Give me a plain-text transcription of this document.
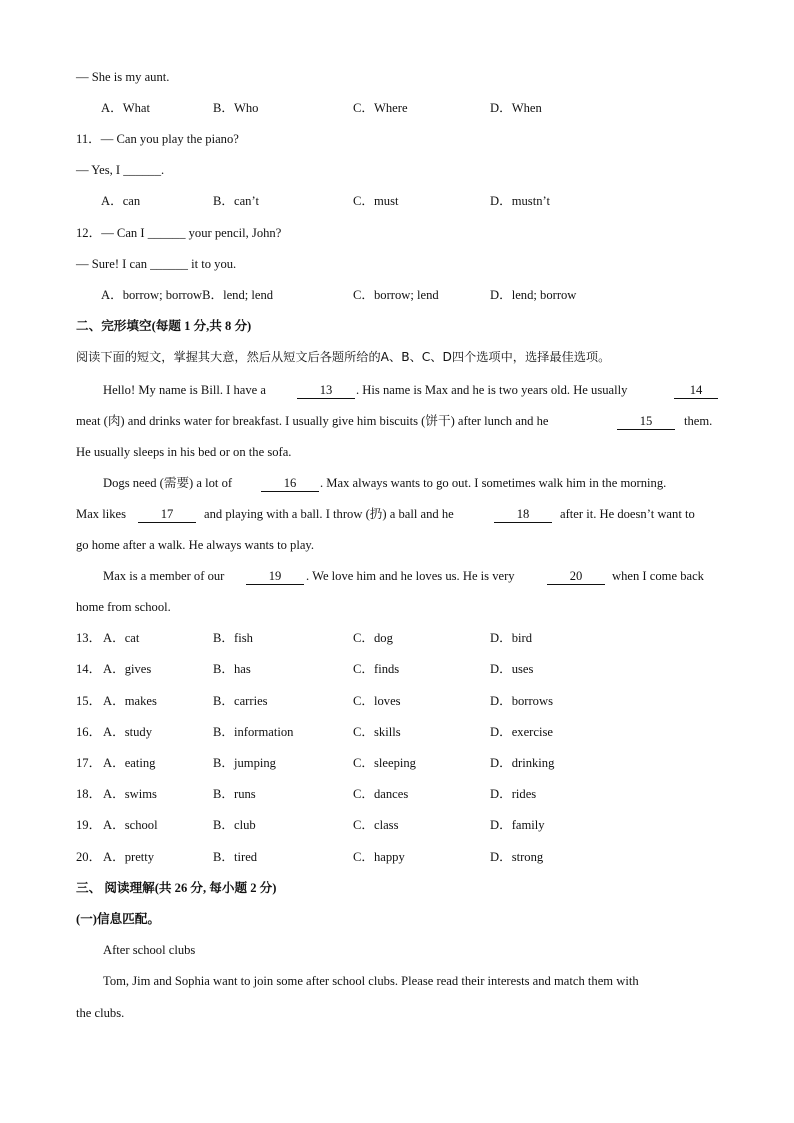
— She is my aunt.
A．What	B．Who	C．Where	D．When
11．— Can you play the piano?
— Yes, I ______.
A．can	B．can’t	C．must	D．mustn’t
12．— Can I ______ your pencil, John?
— Sure! I can ______ it to you.
A．borrow; borrowB．lend; lend	C．borrow; lend	D．lend; borrow
二、完形填空(每题 1 分,共 8 分)
阅读下面的短文，掌握其大意，然后从短文后各题所给的A、B、C、D四个选项中，选择最佳选项。
Hello! My name is Bill. I have a	13	. His name is Max and he is two years old. He usually	14
meat (肉) and drinks water for breakfast. I usually give him biscuits (饼干) after lunch and he	15	them.
He usually sleeps in his bed or on the sofa.
Dogs need (需要) a lot of	16	. Max always wants to go out. I sometimes walk him in the morning.
Max likes	17	and playing with a ball. I throw (扔) a ball and he	18	after it. He doesn’t want to
go home after a walk. He always wants to play.
Max is a member of our	19	. We love him and he loves us. He is very	20	when I come back
home from school.
13． A．cat	B．fish	C．dog	D．bird
14． A．gives	B．has	C．finds	D．uses
15． A．makes	B．carries	C．loves	D．borrows
16． A．study	B．information	C．skills	D．exercise
17． A．eating	B．jumping	C．sleeping	D．drinking
18． A．swims	B．runs	C．dances	D．rides
19． A．school	B．club	C．class	D．family
20． A．pretty	B．tired	C．happy	D．strong
三、 阅读理解(共 26 分, 每小题 2 分)
(一)信息匹配。
After school clubs
Tom, Jim and Sophia want to join some after school clubs. Please read their interests and match them with
the clubs.
